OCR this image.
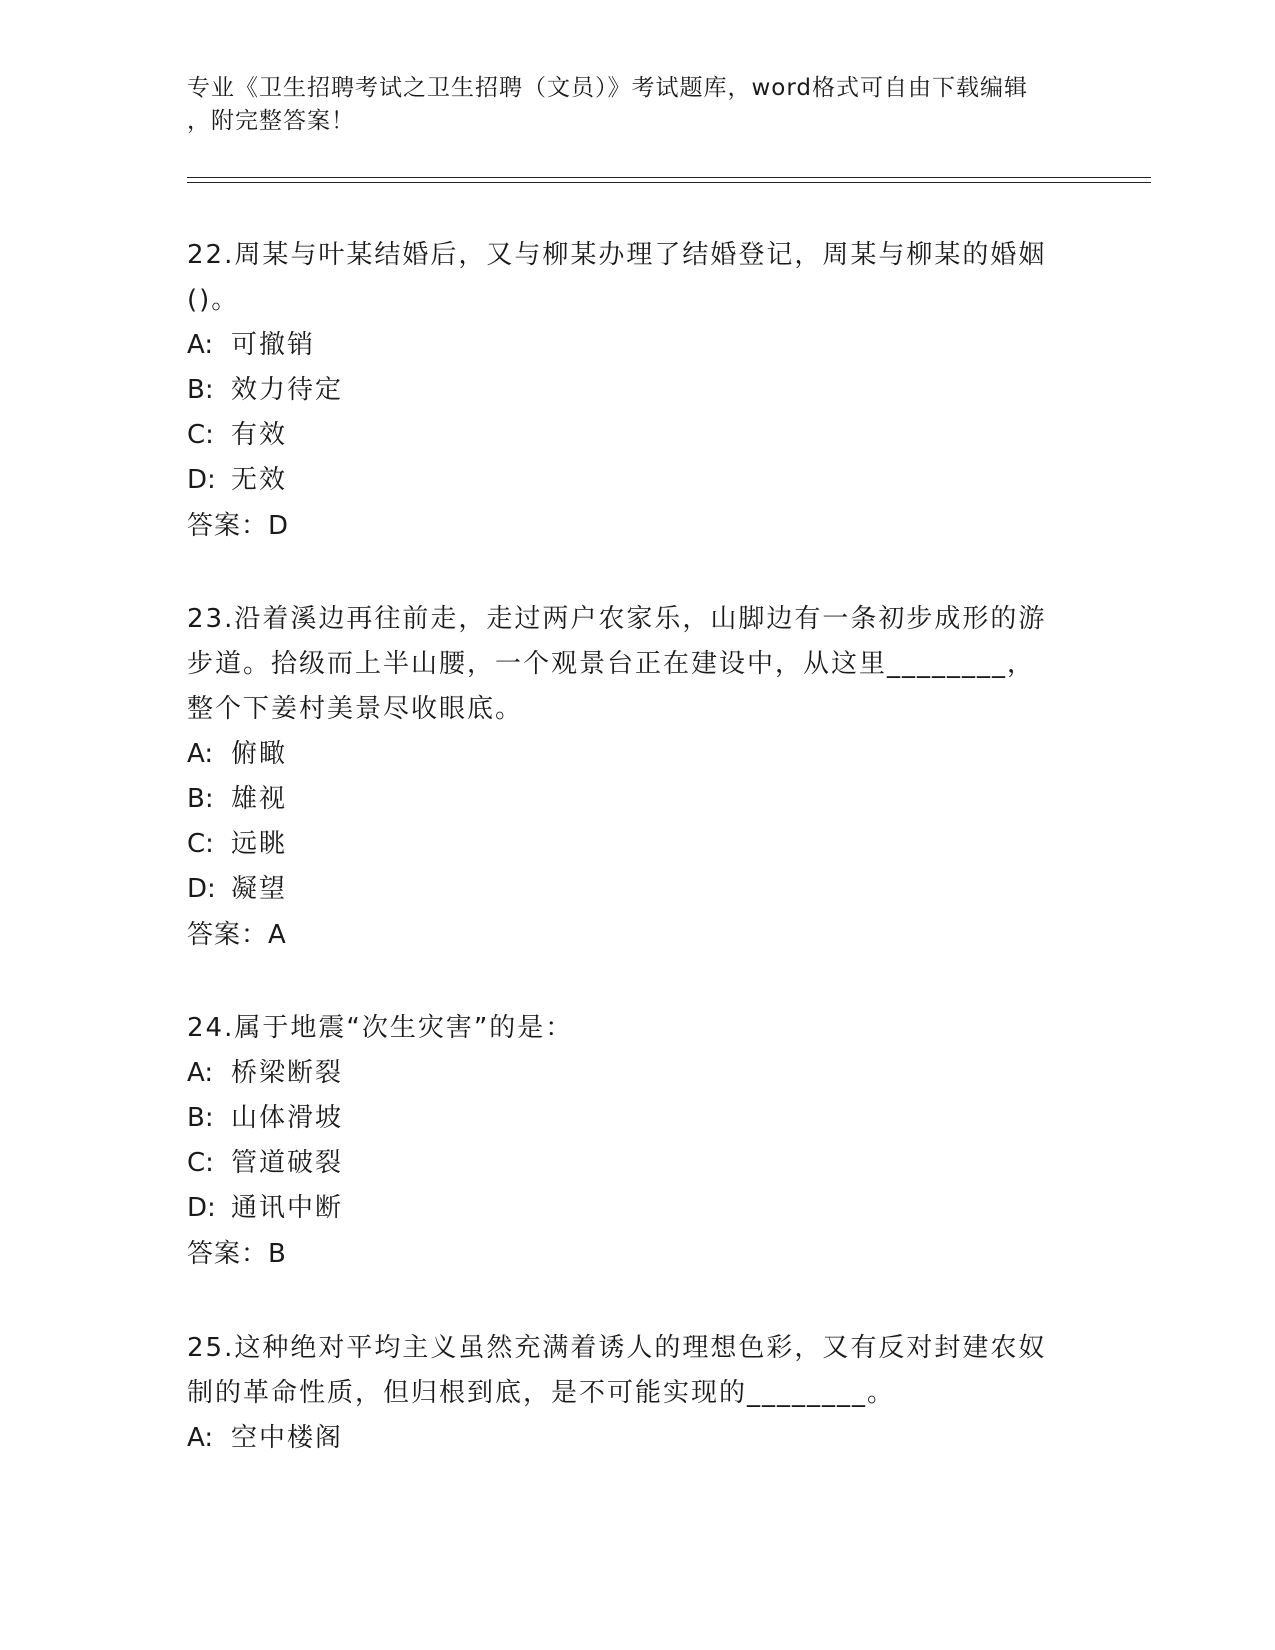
专业《卫生招聘考试之卫生招聘（文员）》考试题库，word格式可自由下载编辑
，附完整答案！
22.周某与叶某结婚后，又与柳某办理了结婚登记，周某与柳某的婚姻
()。
A: 可撤销
B: 效力待定
C: 有效
D: 无效
答案：D
23.沿着溪边再往前走，走过两户农家乐，山脚边有一条初步成形的游
步道。拾级而上半山腰，一个观景台正在建设中，从这里________，
整个下姜村美景尽收眼底。
A: 俯瞰
B: 雄视
C: 远眺
D: 凝望
答案：A
24.属于地震“次生灾害”的是：
A: 桥梁断裂
B: 山体滑坡
C: 管道破裂
D: 通讯中断
答案：B
25.这种绝对平均主义虽然充满着诱人的理想色彩，又有反对封建农奴
制的革命性质，但归根到底，是不可能实现的________。
A: 空中楼阁
